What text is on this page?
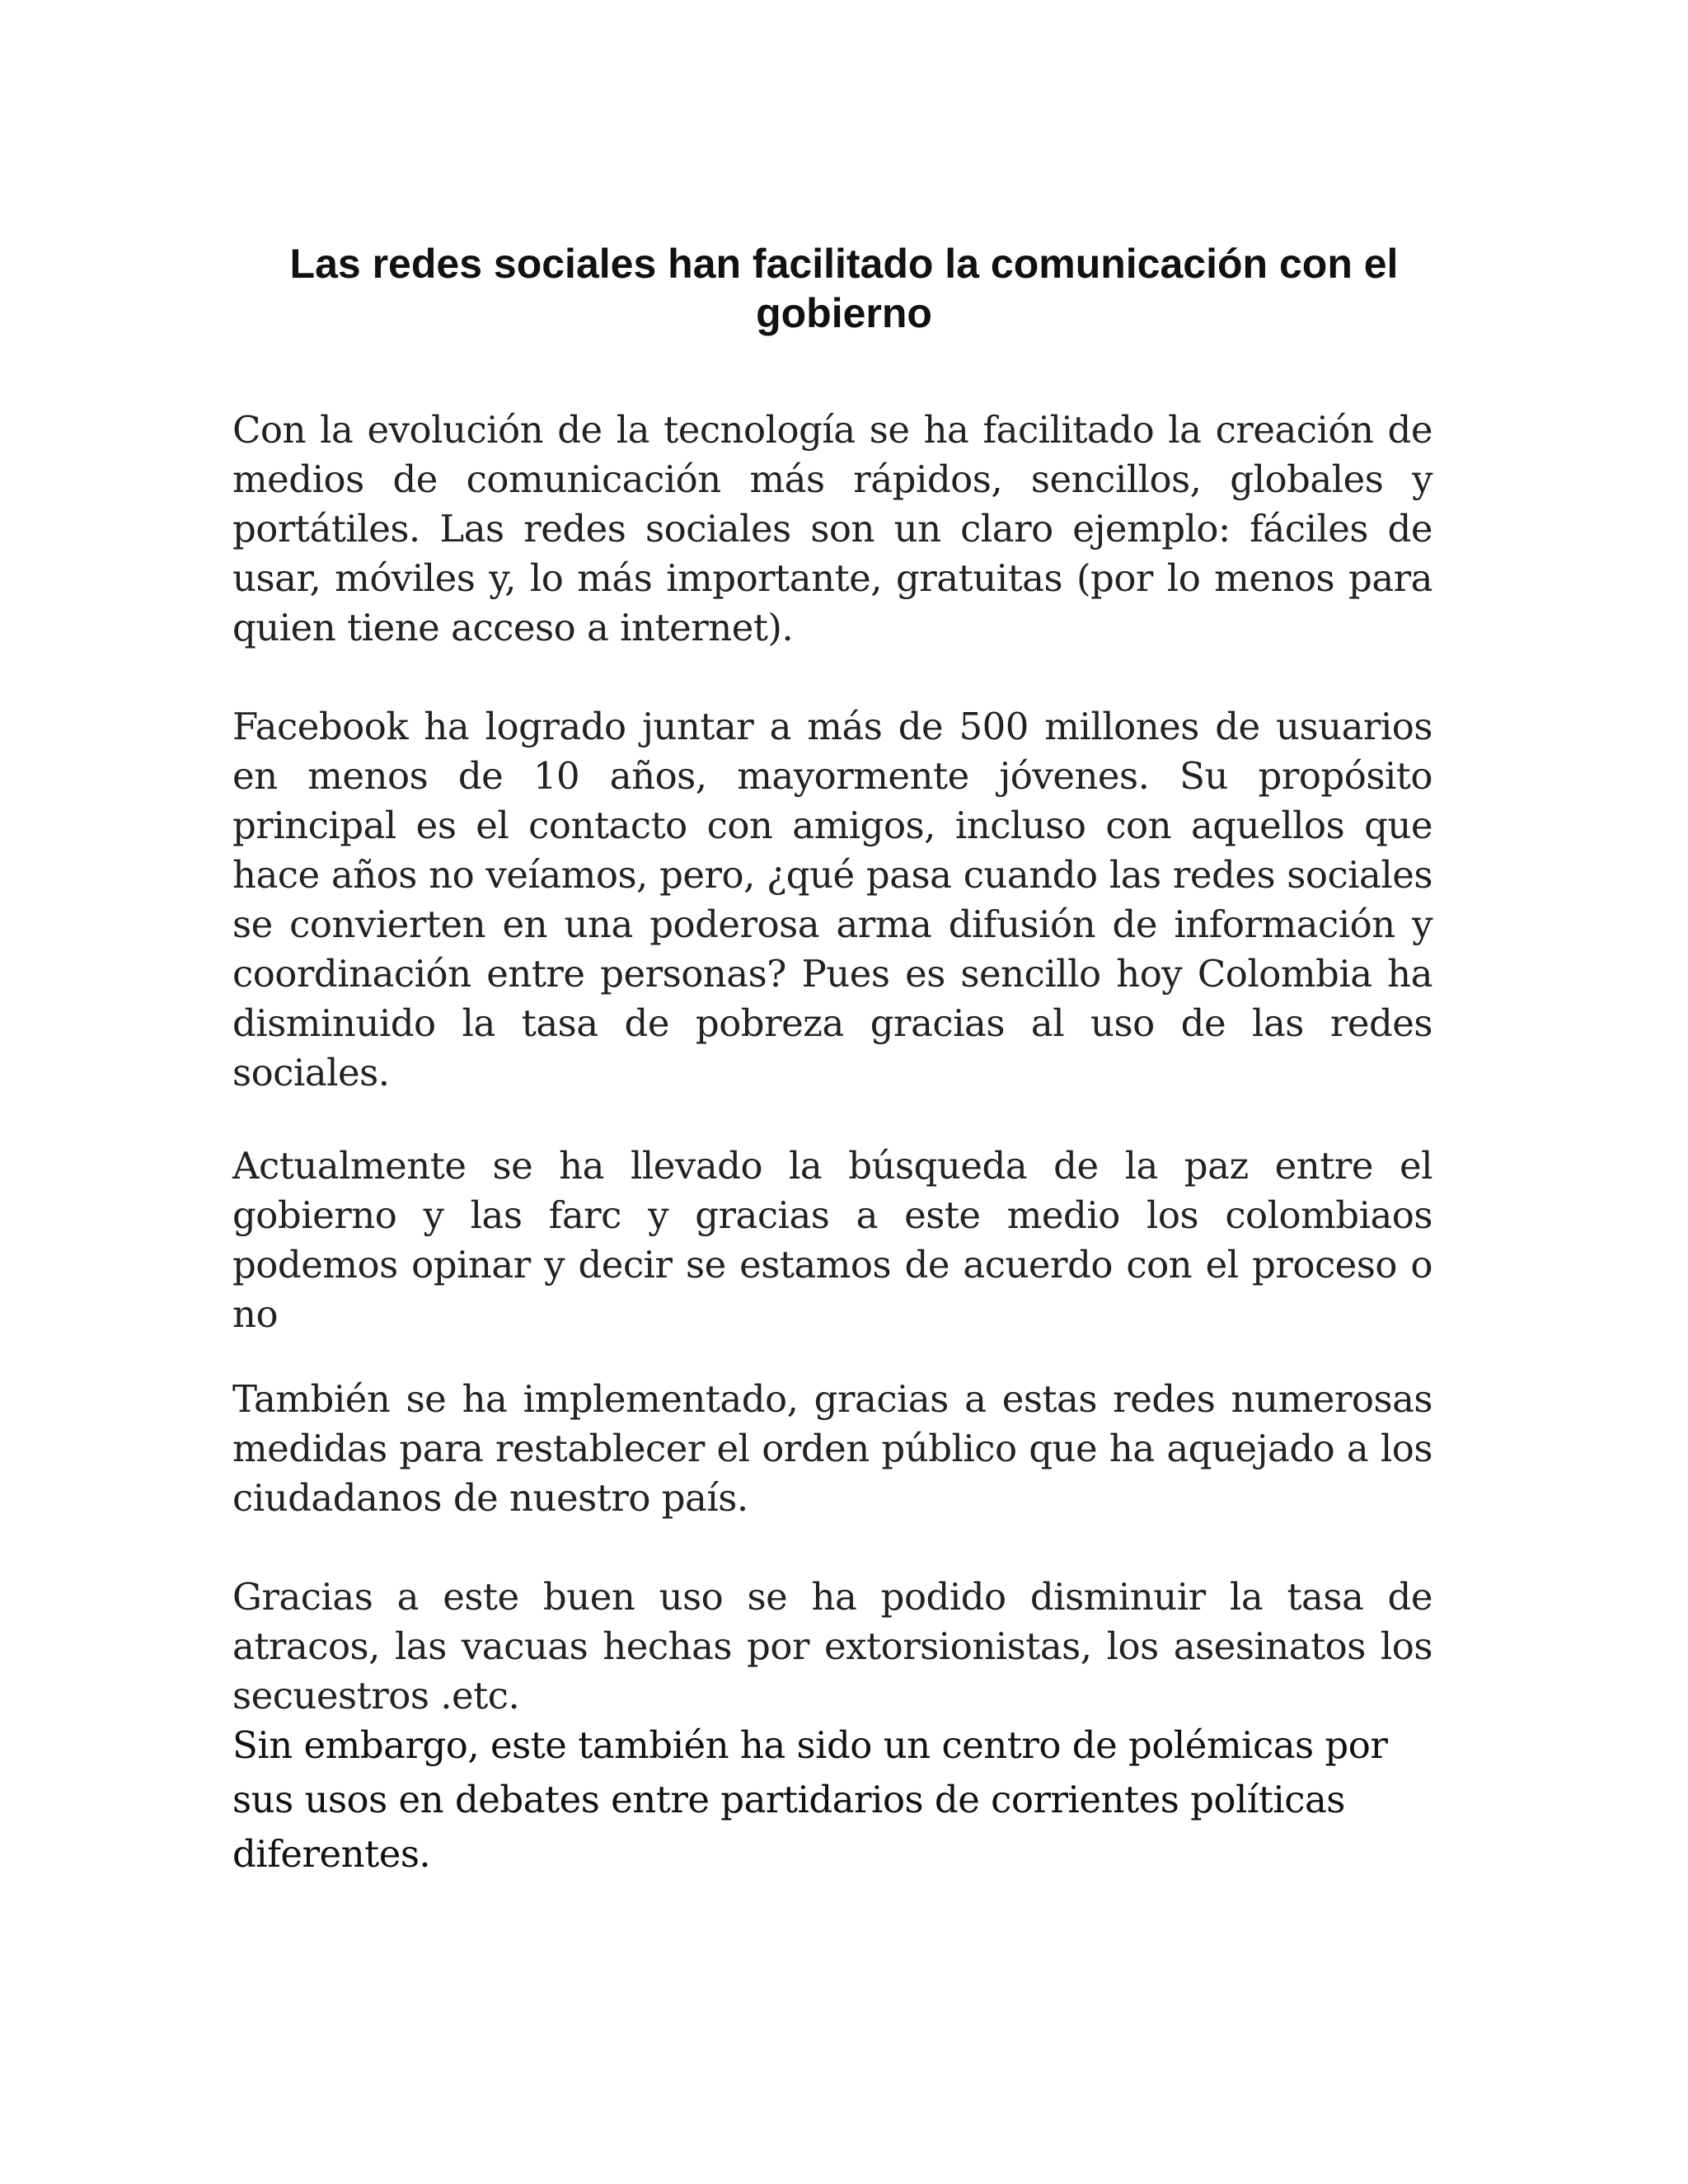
Las redes sociales han facilitado la comunicación con el gobierno

Con la evolución de la tecnología se ha facilitado la creación de medios de comunicación más rápidos, sencillos, globales y portátiles. Las redes sociales son un claro ejemplo: fáciles de usar, móviles y, lo más importante, gratuitas (por lo menos para quien tiene acceso a internet).

Facebook ha logrado juntar a más de 500 millones de usuarios en menos de 10 años, mayormente jóvenes. Su propósito principal es el contacto con amigos, incluso con aquellos que hace años no veíamos, pero, ¿qué pasa cuando las redes sociales se convierten en una poderosa arma difusión de información y coordinación entre personas? Pues es sencillo hoy Colombia ha disminuido la tasa de pobreza gracias al uso de las redes sociales.

Actualmente se ha llevado la búsqueda de la paz entre el gobierno y las farc y gracias a este medio los colombiaos podemos opinar y decir se estamos de acuerdo con el proceso o no

También se ha implementado, gracias a estas redes numerosas medidas para restablecer el orden público que ha aquejado a los ciudadanos de nuestro país.

Gracias a este buen uso se ha podido disminuir la tasa de atracos, las vacuas hechas por extorsionistas, los asesinatos los secuestros .etc.

Sin embargo, este también ha sido un centro de polémicas por sus usos en debates entre partidarios de corrientes políticas diferentes.
